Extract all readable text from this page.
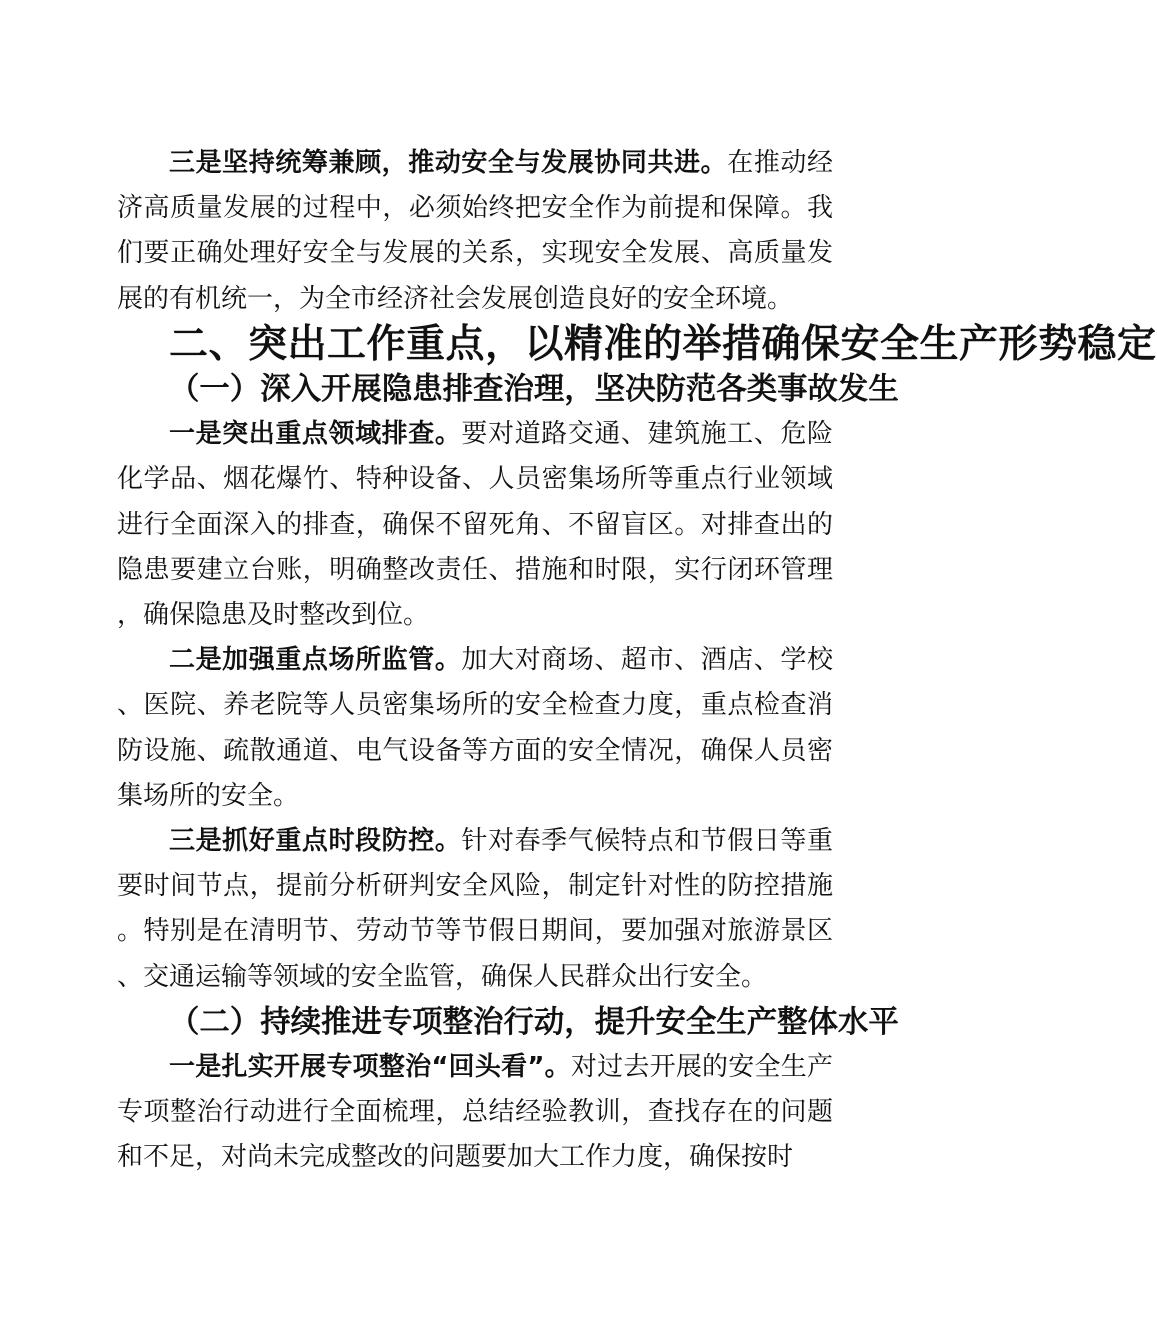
三是坚持统筹兼顾，推动安全与发展协同共进。在推动经济高质量发展的过程中，必须始终把安全作为前提和保障。我们要正确处理好安全与发展的关系，实现安全发展、高质量发展的有机统一，为全市经济社会发展创造良好的安全环境。

二、突出工作重点，以精准的举措确保安全生产形势稳定
（一）深入开展隐患排查治理，坚决防范各类事故发生

一是突出重点领域排查。要对道路交通、建筑施工、危险化学品、烟花爆竹、特种设备、人员密集场所等重点行业领域进行全面深入的排查，确保不留死角、不留盲区。对排查出的隐患要建立台账，明确整改责任、措施和时限，实行闭环管理，确保隐患及时整改到位。

二是加强重点场所监管。加大对商场、超市、酒店、学校、医院、养老院等人员密集场所的安全检查力度，重点检查消防设施、疏散通道、电气设备等方面的安全情况，确保人员密集场所的安全。

三是抓好重点时段防控。针对春季气候特点和节假日等重要时间节点，提前分析研判安全风险，制定针对性的防控措施。特别是在清明节、劳动节等节假日期间，要加强对旅游景区、交通运输等领域的安全监管，确保人民群众出行安全。

（二）持续推进专项整治行动，提升安全生产整体水平

一是扎实开展专项整治“回头看”。对过去开展的安全生产专项整治行动进行全面梳理，总结经验教训，查找存在的问题和不足，对尚未完成整改的问题要加大工作力度，确保按时
